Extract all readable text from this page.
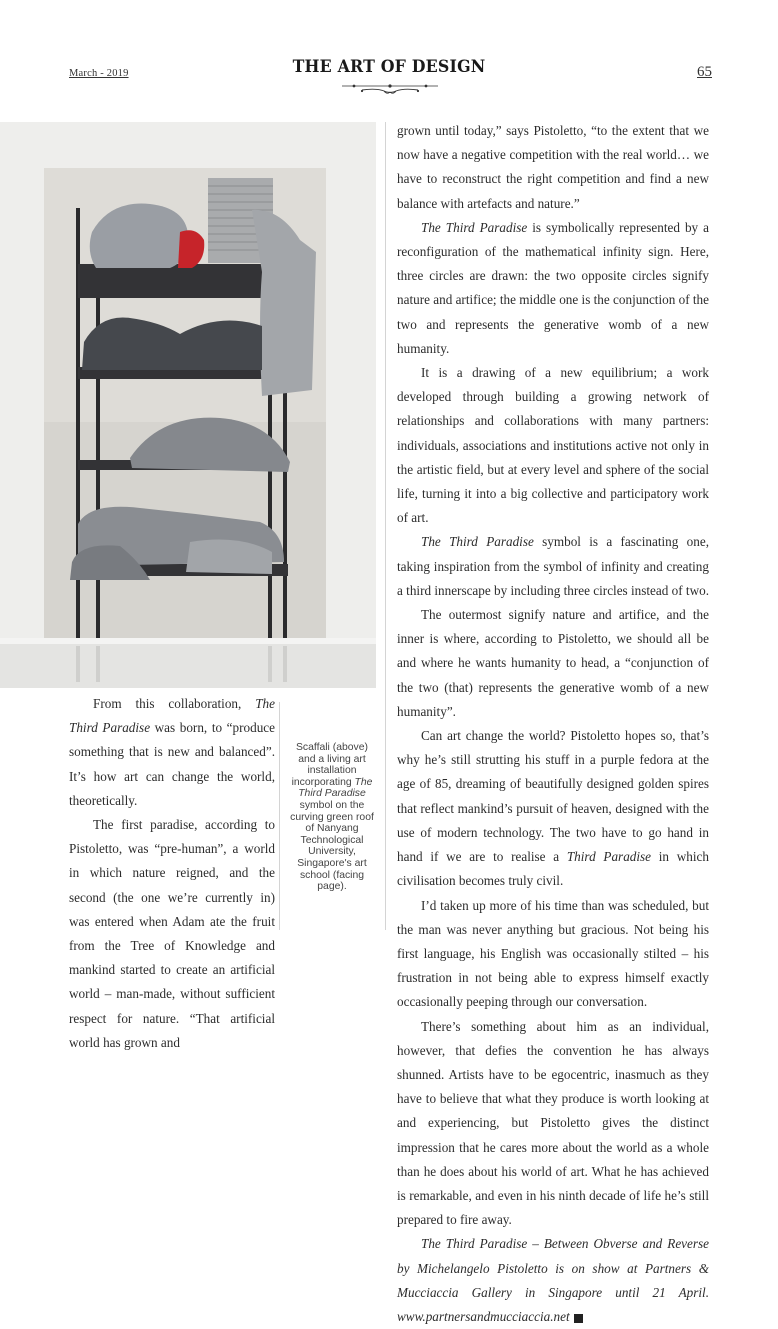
March - 2019	THE ART OF DESIGN	65

From this collaboration, The Third Paradise was born, to “produce something that is new and balanced”. It’s how art can change the world, theoretically.

The first paradise, according to Pistoletto, was “pre-human”, a world in which nature reigned, and the second (the one we’re currently in) was entered when Adam ate the fruit from the Tree of Knowledge and mankind started to create an artificial world – man-made, without sufficient respect for nature. “That artificial world has grown and

Scaffali (above) and a living art installation incorporating The Third Paradise symbol on the curving green roof of Nanyang Technological University, Singapore's art school (facing page).

grown until today,” says Pistoletto, “to the extent that we now have a negative competition with the real world… we have to reconstruct the right competition and find a new balance with artefacts and nature.”

The Third Paradise is symbolically represented by a reconfiguration of the mathematical infinity sign. Here, three circles are drawn: the two opposite circles signify nature and artifice; the middle one is the conjunction of the two and represents the generative womb of a new humanity.

It is a drawing of a new equilibrium; a work developed through building a growing network of relationships and collaborations with many partners: individuals, associations and institutions active not only in the artistic field, but at every level and sphere of the social life, turning it into a big collective and participatory work of art.

The Third Paradise symbol is a fascinating one, taking inspiration from the symbol of infinity and creating a third innerscape by including three circles instead of two.

The outermost signify nature and artifice, and the inner is where, according to Pistoletto, we should all be and where he wants humanity to head, a “conjunction of the two (that) represents the generative womb of a new humanity”.

Can art change the world? Pistoletto hopes so, that’s why he’s still strutting his stuff in a purple fedora at the age of 85, dreaming of beautifully designed golden spires that reflect mankind’s pursuit of heaven, designed with the use of modern technology. The two have to go hand in hand if we are to realise a Third Paradise in which civilisation becomes truly civil.

I’d taken up more of his time than was scheduled, but the man was never anything but gracious. Not being his first language, his English was occasionally stilted – his frustration in not being able to express himself exactly occasionally peeping through our conversation.

There’s something about him as an individual, however, that defies the convention he has always shunned. Artists have to be egocentric, inasmuch as they have to believe that what they produce is worth looking at and experiencing, but Pistoletto gives the distinct impression that he cares more about the world as a whole than he does about his world of art. What he has achieved is remarkable, and even in his ninth decade of life he’s still prepared to fire away.

The Third Paradise – Between Obverse and Reverse by Michelangelo Pistoletto is on show at Partners & Mucciaccia Gallery in Singapore until 21 April. www.partnersandmucciaccia.net	R
